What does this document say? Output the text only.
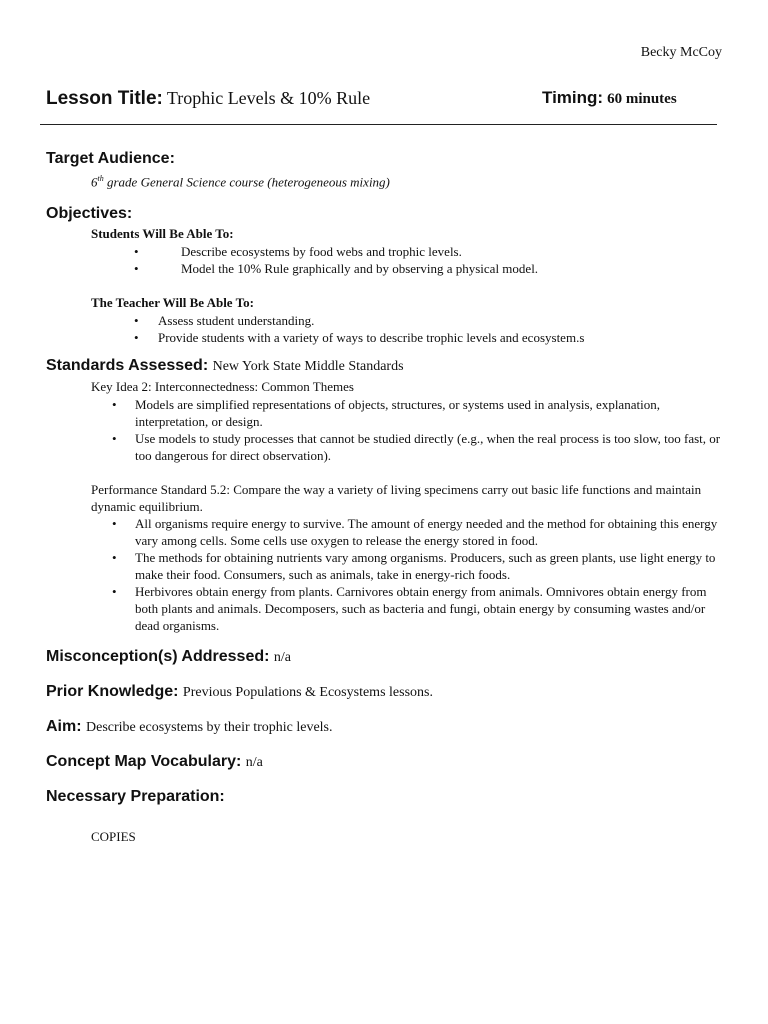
Becky McCoy
Lesson Title: Trophic Levels & 10% Rule	Timing: 60 minutes
Target Audience:
6th grade General Science course (heterogeneous mixing)
Objectives:
Students Will Be Able To:
•	Describe ecosystems by food webs and trophic levels.
•	Model the 10% Rule graphically and by observing a physical model.
The Teacher Will Be Able To:
• Assess student understanding.
• Provide students with a variety of ways to describe trophic levels and ecosystem.s
Standards Assessed: New York State Middle Standards
Key Idea 2: Interconnectedness: Common Themes
• Models are simplified representations of objects, structures, or systems used in analysis, explanation, interpretation, or design.
• Use models to study processes that cannot be studied directly (e.g., when the real process is too slow, too fast, or too dangerous for direct observation).
Performance Standard 5.2: Compare the way a variety of living specimens carry out basic life functions and maintain dynamic equilibrium.
• All organisms require energy to survive. The amount of energy needed and the method for obtaining this energy vary among cells. Some cells use oxygen to release the energy stored in food.
• The methods for obtaining nutrients vary among organisms. Producers, such as green plants, use light energy to make their food. Consumers, such as animals, take in energy-rich foods.
• Herbivores obtain energy from plants. Carnivores obtain energy from animals. Omnivores obtain energy from both plants and animals. Decomposers, such as bacteria and fungi, obtain energy by consuming wastes and/or dead organisms.
Misconception(s) Addressed: n/a
Prior Knowledge: Previous Populations & Ecosystems lessons.
Aim: Describe ecosystems by their trophic levels.
Concept Map Vocabulary: n/a
Necessary Preparation:
COPIES
